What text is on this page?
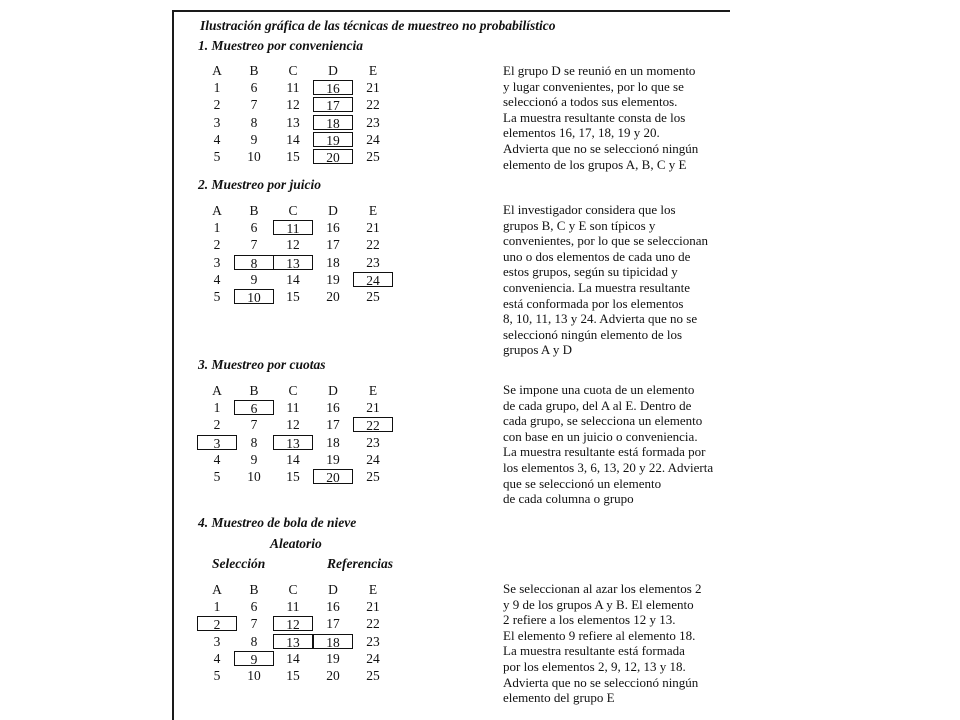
Ilustración gráfica de las técnicas de muestreo no probabilístico
1. Muestreo por conveniencia
2. Muestreo por juicio
3. Muestreo por cuotas
4. Muestreo de bola de nieve
Aleatorio
Selección	Referencias
A	B	C	D	E
1	6	11	16	21
2	7	12	17	22
3	8	13	18	23
4	9	14	19	24
5	10	15	20	25
A	B	C	D	E
1	6	11	16	21
2	7	12	17	22
3	8	13	18	23
4	9	14	19	24
5	10	15	20	25
A	B	C	D	E
1	6	11	16	21
2	7	12	17	22
3	8	13	18	23
4	9	14	19	24
5	10	15	20	25
A	B	C	D	E
1	6	11	16	21
2	7	12	17	22
3	8	13	18	23
4	9	14	19	24
5	10	15	20	25
El grupo D se reunió en un momento
y lugar convenientes, por lo que se
seleccionó a todos sus elementos.
La muestra resultante consta de los
elementos 16, 17, 18, 19 y 20.
Advierta que no se seleccionó ningún
elemento de los grupos A, B, C y E
El investigador considera que los
grupos B, C y E son típicos y
convenientes, por lo que se seleccionan
uno o dos elementos de cada uno de
estos grupos, según su tipicidad y
conveniencia. La muestra resultante
está conformada por los elementos
8, 10, 11, 13 y 24. Advierta que no se
seleccionó ningún elemento de los
grupos A y D
Se impone una cuota de un elemento
de cada grupo, del A al E. Dentro de
cada grupo, se selecciona un elemento
con base en un juicio o conveniencia.
La muestra resultante está formada por
los elementos 3, 6, 13, 20 y 22. Advierta
que se seleccionó un elemento
de cada columna o grupo
Se seleccionan al azar los elementos 2
y 9 de los grupos A y B. El elemento
2 refiere a los elementos 12 y 13.
El elemento 9 refiere al elemento 18.
La muestra resultante está formada
por los elementos 2, 9, 12, 13 y 18.
Advierta que no se seleccionó ningún
elemento del grupo E
